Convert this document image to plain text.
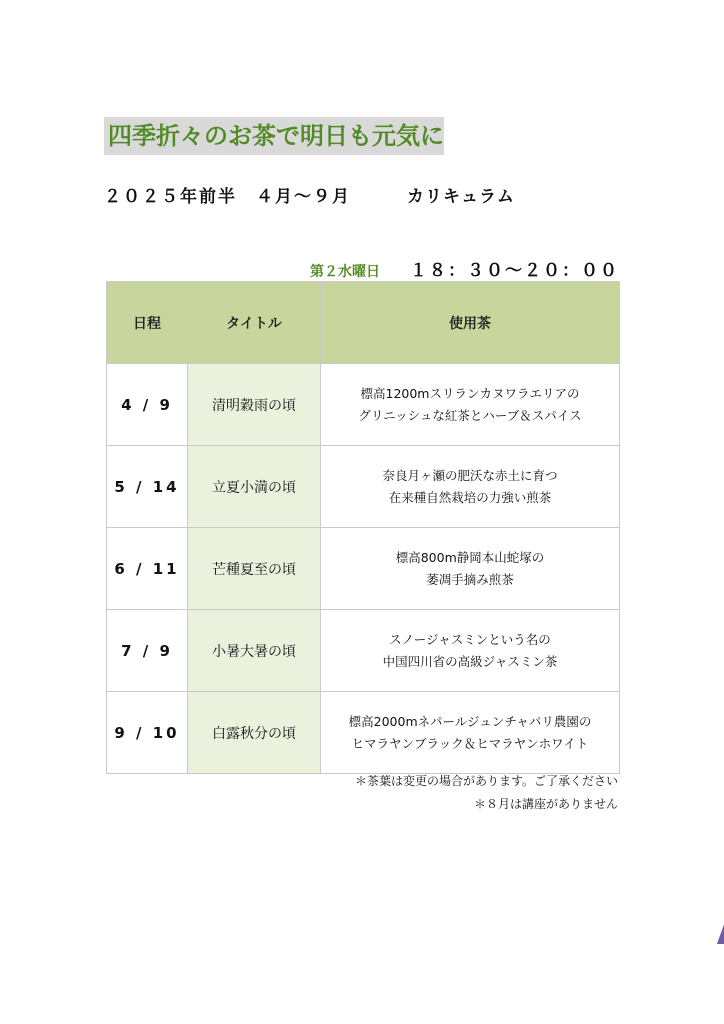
四季折々のお茶で明日も元気に
２０２５年前半　４月〜９月	カリキュラム
第２水曜日 １８：３０〜２０：００
日程	タイトル	使用茶
4 / 9	清明穀雨の頃	標高1200mスリランカヌワラエリアの
グリニッシュな紅茶とハーブ＆スパイス

5 / 14	立夏小満の頃	奈良月ヶ瀬の肥沃な赤土に育つ
在来種自然栽培の力強い煎茶

6 / 11	芒種夏至の頃	標高800m静岡本山蛇塚の
萎凋手摘み煎茶

7 / 9	小暑大暑の頃	スノージャスミンという名の
中国四川省の高級ジャスミン茶

9 / 10	白露秋分の頃	標高2000mネパールジュンチャパリ農園の
ヒマラヤンブラック＆ヒマラヤンホワイト
＊茶葉は変更の場合があります。ご了承ください
＊８月は講座がありません
